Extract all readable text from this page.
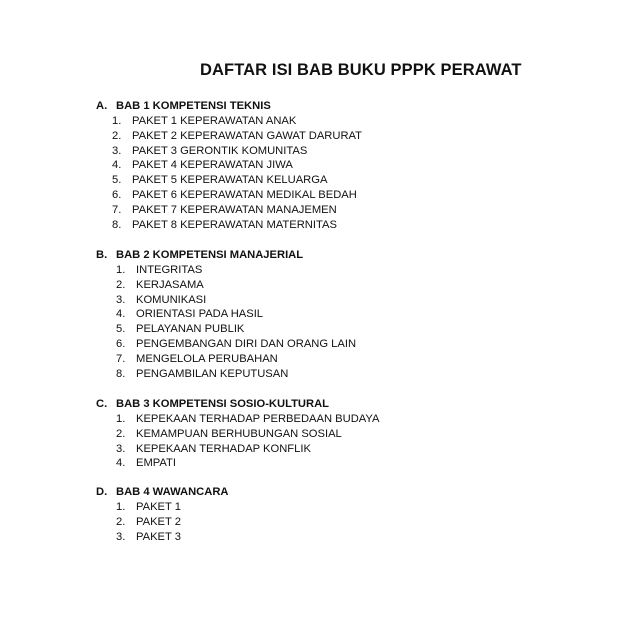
DAFTAR ISI BAB BUKU PPPK PERAWAT
A. BAB 1 KOMPETENSI TEKNIS
1. PAKET 1 KEPERAWATAN ANAK
2. PAKET 2 KEPERAWATAN GAWAT DARURAT
3. PAKET 3 GERONTIK KOMUNITAS
4. PAKET 4 KEPERAWATAN JIWA
5. PAKET 5 KEPERAWATAN KELUARGA
6. PAKET 6 KEPERAWATAN MEDIKAL BEDAH
7. PAKET 7 KEPERAWATAN MANAJEMEN
8. PAKET 8 KEPERAWATAN MATERNITAS
B. BAB 2 KOMPETENSI MANAJERIAL
1. INTEGRITAS
2. KERJASAMA
3. KOMUNIKASI
4. ORIENTASI PADA HASIL
5. PELAYANAN PUBLIK
6. PENGEMBANGAN DIRI DAN ORANG LAIN
7. MENGELOLA PERUBAHAN
8. PENGAMBILAN KEPUTUSAN
C. BAB 3 KOMPETENSI SOSIO-KULTURAL
1. KEPEKAAN TERHADAP PERBEDAAN BUDAYA
2. KEMAMPUAN BERHUBUNGAN SOSIAL
3. KEPEKAAN TERHADAP KONFLIK
4. EMPATI
D. BAB 4 WAWANCARA
1. PAKET 1
2. PAKET 2
3. PAKET 3
